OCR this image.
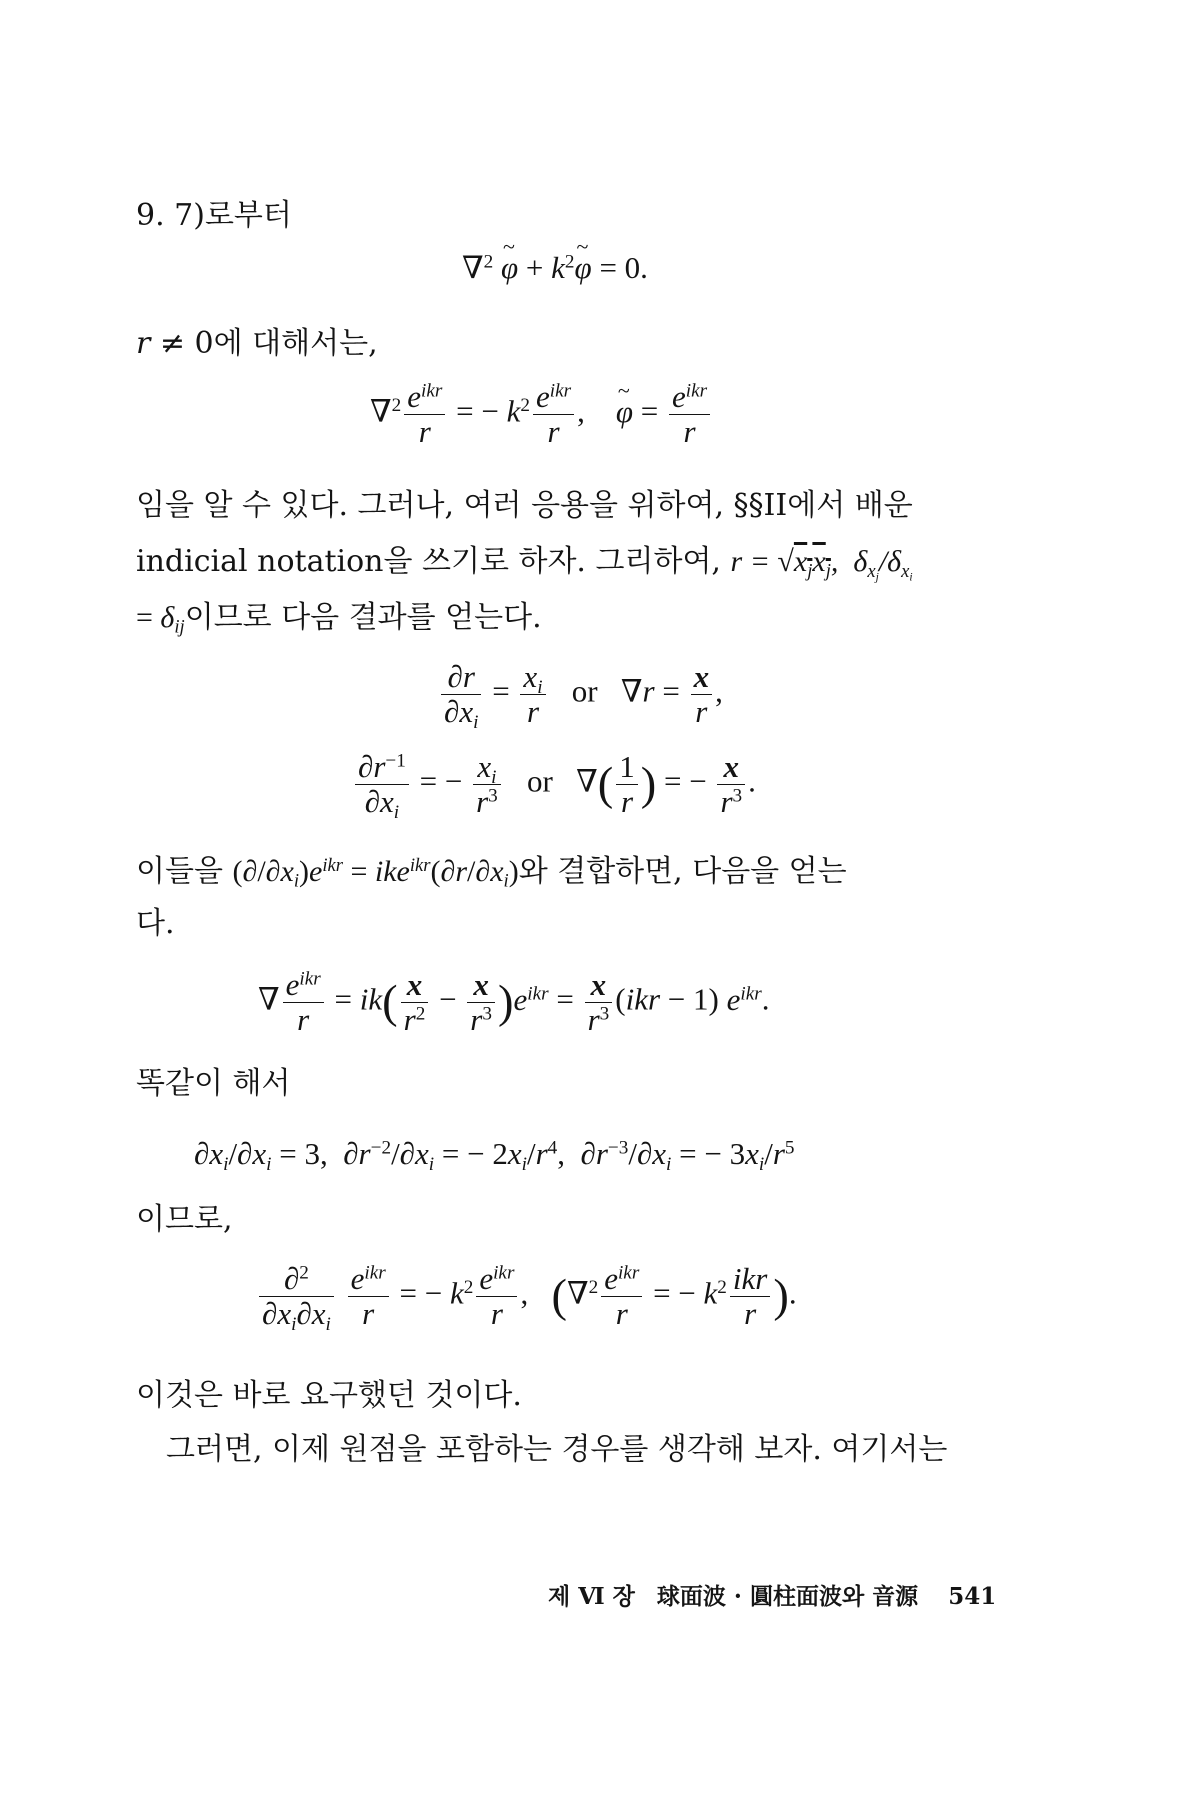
9. 7)로부터
∇$^2$ ~ $\varphi + k^2\sim$ φ = 0.
r ≠ 0에 대해서는,
$\nabla^2 \frac{e^{ikr}}{r}$ = − $k^2 \frac{e^{ikr}}{r}$ ,    ~ $\varphi = \frac{e^{ikr}}{r}$
임을 알 수 있다. 그러나, 여러 응용을 위하여, §§II에서 배운
indicial notation을 쓰기로 하자. 그리하여, $r = √x_jx_j$,  $\delta_{x_j}/\delta_{x_i}$
= $\delta_{ij}$이므로 다음 결과를 얻는다.
$\frac{\partial r}{\partial x_i} = \frac{x_i}{r}$ or   $\nabla r = \frac{x}{r}$ ,
$\frac{\partial r^{-1}}{\partial x_i}$ = − $\frac{x_i}{r^3}$ or   ∇( $\frac{1}{r}$ ) = − $\frac{x}{r^3}$ .
이들을 $(\partial/\partial x_i)e^{ikr} = ike^{ikr}(\partial r/\partial x_i)$와 결합하면, 다음을 얻는
다.
∇ $\frac{e^{ikr}}{r} = ik( \frac{x}{r^2} - \frac{x}{r^3} )e^{ikr} = \frac{x}{r^3} (ikr - 1)$ $e^{ikr}$.
똑같이 해서
$\partial x_i/\partial x_i = 3$,  $\partial r^{-2}/\partial x_i$ = − $2x_i/r^4$,  $\partial r^{-3}/\partial x_i$ = − $3x_i/r^5$
이므로,
$\frac{\partial^2}{\partial x_i\partial x_i}$
$\frac{e^{ikr}}{r}$ = − $k^2 \frac{e^{ikr}}{r}$ ,   ($\nabla^2 \frac{e^{ikr}}{r}$ = − $k^2 \frac{\text{ikr}}{r}$ ).
이것은 바로 요구했던 것이다.
그러면, 이제 원점을 포함하는 경우를 생각해 보자. 여기서는
제 Ⅵ 장 球面波 · 圓柱面波와 音源 541
